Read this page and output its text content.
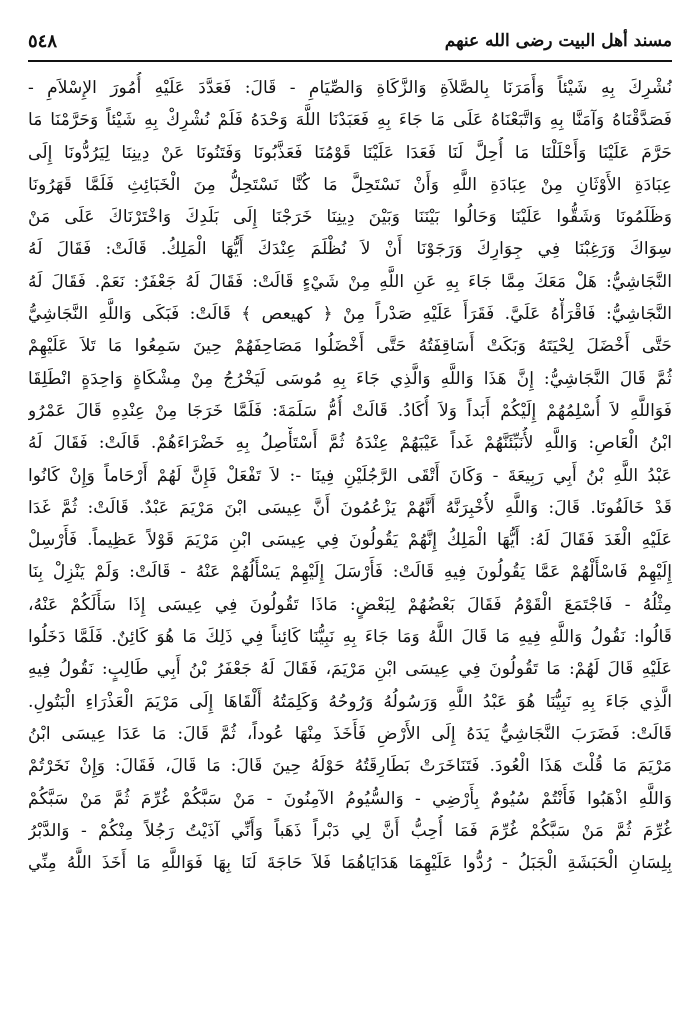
مسند أهل البيت رضى الله عنهم
٥٤٨
نُشْرِكَ بِهِ شَيْئاً وَأَمَرَنَا بِالصَّلاَةِ وَالزَّكَاةِ وَالصِّيَامِ - قَالَ: فَعَدَّدَ عَلَيْهِ أُمُورَ الإِسْلاَمِ -
فَصَدَّقْنَاهُ وَآمَنَّا بِهِ وَاتَّبَعْنَاهُ عَلَى مَا جَاءَ بِهِ فَعَبَدْنَا اللَّهَ وَحْدَهُ فَلَمْ نُشْرِكْ بِهِ شَيْئاً وَحَرَّمْنَا مَا
حَرَّمَ عَلَيْنَا وَأَحْلَلْنَا مَا أُحِلَّ لَنَا فَعَدَا عَلَيْنَا قَوْمُنَا فَعَذَّبُونَا وَفَتَنُونَا عَنْ دِينِنَا لِيَرُدُّونَا إِلَى
عِبَادَةِ الأَوْثَانِ مِنْ عِبَادَةِ اللَّهِ وَأَنْ نَسْتَحِلَّ مَا كُنَّا نَسْتَحِلُّ مِنَ الْخَبَائِثِ فَلَمَّا قَهَرُونَا
وَظَلَمُونَا وَشَقُّوا عَلَيْنَا وَحَالُوا بَيْنَنَا وَبَيْنَ دِينِنَا خَرَجْنَا إِلَى بَلَدِكَ وَاخْتَرْنَاكَ عَلَى مَنْ
سِوَاكَ وَرَغِبْنَا فِي جِوَارِكَ وَرَجَوْنَا أَنْ لاَ نُظْلَمَ عِنْدَكَ أَيُّهَا الْمَلِكُ. قَالَتْ: فَقَالَ لَهُ
النَّجَاشِيُّ: هَلْ مَعَكَ مِمَّا جَاءَ بِهِ عَنِ اللَّهِ مِنْ شَيْءٍ قَالَتْ: فَقَالَ لَهُ جَعْفَرٌ: نَعَمْ. فَقَالَ لَهُ
النَّجَاشِيُّ: فَاقْرَأْهُ عَلَيَّ. فَقَرَأَ عَلَيْهِ صَدْراً مِنْ ﴿ كهيعص ﴾ قَالَتْ: فَبَكَى وَاللَّهِ النَّجَاشِيُّ
حَتَّى أَخْضَلَ لِحْيَتَهُ وَبَكَتْ أَسَاقِفَتُهُ حَتَّى أَخْضَلُوا مَصَاحِفَهُمْ حِينَ سَمِعُوا مَا تَلاَ عَلَيْهِمْ
ثُمَّ قَالَ النَّجَاشِيُّ: إِنَّ هَذَا وَاللَّهِ وَالَّذِي جَاءَ بِهِ مُوسَى لَيَخْرُجُ مِنْ مِشْكَاةٍ وَاحِدَةٍ انْطَلِقَا
فَوَاللَّهِ لاَ أُسْلِمُهُمْ إِلَيْكُمْ أَبَداً وَلاَ أُكَادُ. قَالَتْ أُمُّ سَلَمَةَ: فَلَمَّا خَرَجَا مِنْ عِنْدِهِ قَالَ عَمْرُو
ابْنُ الْعَاصِ: وَاللَّهِ لأُنَبِّئَنَّهُمْ غَداً عَيْبَهُمْ عِنْدَهُ ثُمَّ أَسْتَأْصِلُ بِهِ خَضْرَاءَهُمْ. قَالَتْ: فَقَالَ لَهُ
عَبْدُ اللَّهِ بْنُ أَبِي رَبِيعَةَ - وَكَانَ أَتْقَى الرَّجُلَيْنِ فِينَا -: لاَ تَفْعَلْ فَإِنَّ لَهُمْ أَرْحَاماً وَإِنْ كَانُوا
قَدْ خَالَفُونَا. قَالَ: وَاللَّهِ لأُخْبِرَنَّهُ أَنَّهُمْ يَزْعُمُونَ أَنَّ عِيسَى ابْنَ مَرْيَمَ عَبْدٌ. قَالَتْ: ثُمَّ غَدَا
عَلَيْهِ الْغَدَ فَقَالَ لَهُ: أَيُّهَا الْمَلِكُ إِنَّهُمْ يَقُولُونَ فِي عِيسَى ابْنِ مَرْيَمَ قَوْلاً عَظِيماً. فَأَرْسِلْ
إِلَيْهِمْ فَاسْأَلْهُمْ عَمَّا يَقُولُونَ فِيهِ قَالَتْ: فَأَرْسَلَ إِلَيْهِمْ يَسْأَلُهُمْ عَنْهُ - قَالَتْ: وَلَمْ يَنْزِلْ بِنَا
مِثْلُهُ - فَاجْتَمَعَ الْقَوْمُ فَقَالَ بَعْضُهُمْ لِبَعْضٍ: مَاذَا تَقُولُونَ فِي عِيسَى إِذَا سَأَلَكُمْ عَنْهُ،
قَالُوا: نَقُولُ وَاللَّهِ فِيهِ مَا قَالَ اللَّهُ وَمَا جَاءَ بِهِ نَبِيُّنَا كَائِناً فِي ذَلِكَ مَا هُوَ كَائِنٌ. فَلَمَّا دَخَلُوا
عَلَيْهِ قَالَ لَهُمْ: مَا تَقُولُونَ فِي عِيسَى ابْنِ مَرْيَمَ، فَقَالَ لَهُ جَعْفَرُ بْنُ أَبِي طَالِبٍ: نَقُولُ فِيهِ
الَّذِي جَاءَ بِهِ نَبِيُّنَا هُوَ عَبْدُ اللَّهِ وَرَسُولُهُ وَرُوحُهُ وَكَلِمَتُهُ أَلْقَاهَا إِلَى مَرْيَمَ الْعَذْرَاءِ الْبَتُولِ.
قَالَتْ: فَضَرَبَ النَّجَاشِيُّ يَدَهُ إِلَى الأَرْضِ فَأَخَذَ مِنْهَا عُوداً، ثُمَّ قَالَ: مَا عَدَا عِيسَى ابْنُ
مَرْيَمَ مَا قُلْتَ هَذَا الْعُودَ. فَتَنَاخَرَتْ بَطَارِقَتُهُ حَوْلَهُ حِينَ قَالَ: مَا قَالَ، فَقَالَ: وَإِنْ نَخَرْتُمْ
وَاللَّهِ اذْهَبُوا فَأَنْتُمْ سُيُومٌ بِأَرْضِي - وَالسُّيُومُ الآمِنُونَ - مَنْ سَبَّكُمْ غُرِّمَ ثُمَّ مَنْ سَبَّكُمْ
غُرِّمَ ثُمَّ مَنْ سَبَّكُمْ غُرِّمَ فَمَا أُحِبُّ أَنَّ لِي دَبْراً ذَهَباً وَأَنِّي آذَيْتُ رَجُلاً مِنْكُمْ - وَالدَّبْرُ
بِلِسَانِ الْحَبَشَةِ الْجَبَلُ - رُدُّوا عَلَيْهِمَا هَدَايَاهُمَا فَلاَ حَاجَةَ لَنَا بِهَا فَوَاللَّهِ مَا أَخَذَ اللَّهُ مِنِّي
